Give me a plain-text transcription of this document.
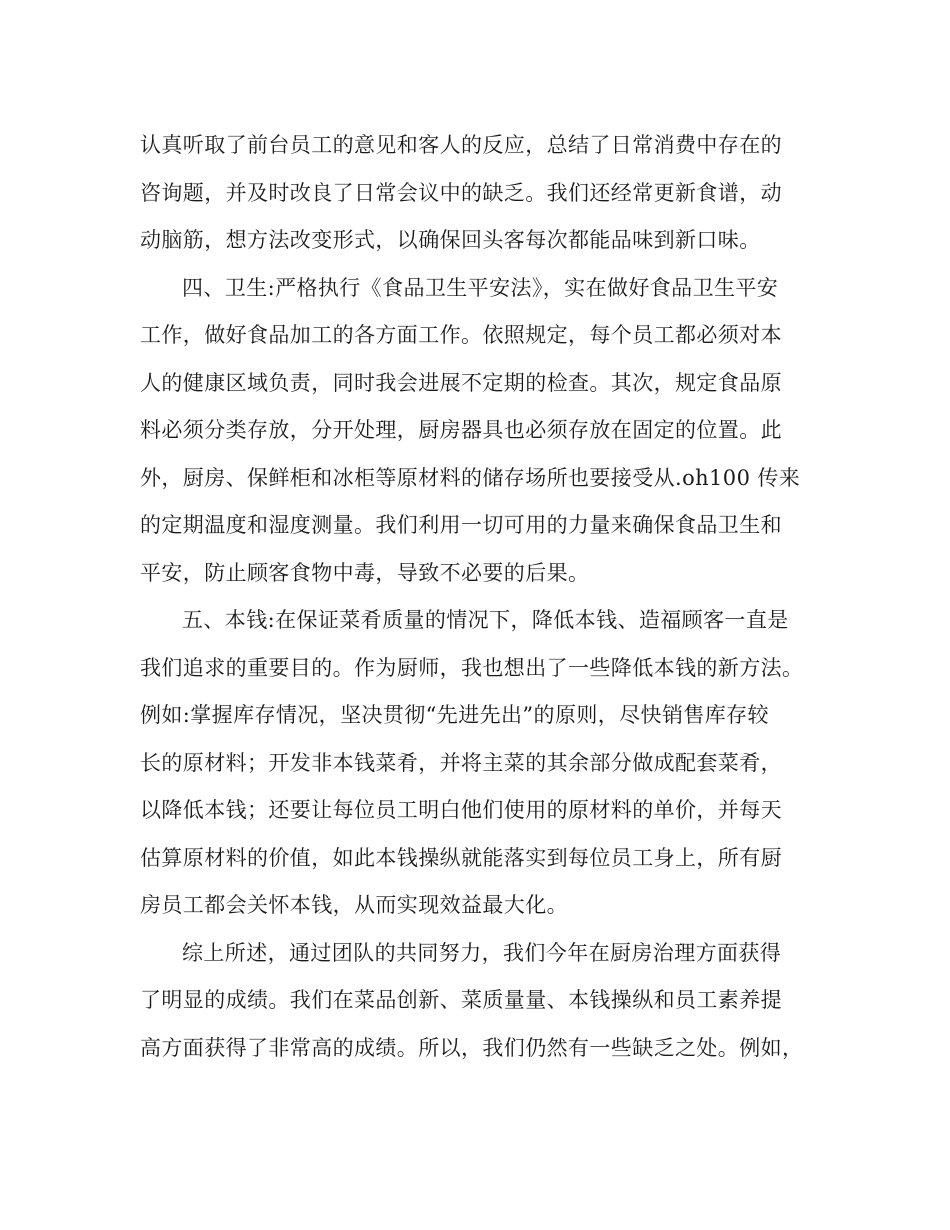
认真听取了前台员工的意见和客人的反应，总结了日常消费中存在的
咨询题，并及时改良了日常会议中的缺乏。我们还经常更新食谱，动
动脑筋，想方法改变形式，以确保回头客每次都能品味到新口味。
四、卫生:严格执行《食品卫生平安法》，实在做好食品卫生平安
工作，做好食品加工的各方面工作。依照规定，每个员工都必须对本
人的健康区域负责，同时我会进展不定期的检查。其次，规定食品原
料必须分类存放，分开处理，厨房器具也必须存放在固定的位置。此
外，厨房、保鲜柜和冰柜等原材料的储存场所也要接受从.oh100 传来
的定期温度和湿度测量。我们利用一切可用的力量来确保食品卫生和
平安，防止顾客食物中毒，导致不必要的后果。
五、本钱:在保证菜肴质量的情况下，降低本钱、造福顾客一直是
我们追求的重要目的。作为厨师，我也想出了一些降低本钱的新方法。
例如:掌握库存情况，坚决贯彻“先进先出”的原则，尽快销售库存较
长的原材料；开发非本钱菜肴，并将主菜的其余部分做成配套菜肴，
以降低本钱；还要让每位员工明白他们使用的原材料的单价，并每天
估算原材料的价值，如此本钱操纵就能落实到每位员工身上，所有厨
房员工都会关怀本钱，从而实现效益最大化。
综上所述，通过团队的共同努力，我们今年在厨房治理方面获得
了明显的成绩。我们在菜品创新、菜质量量、本钱操纵和员工素养提
高方面获得了非常高的成绩。所以，我们仍然有一些缺乏之处。例如，
